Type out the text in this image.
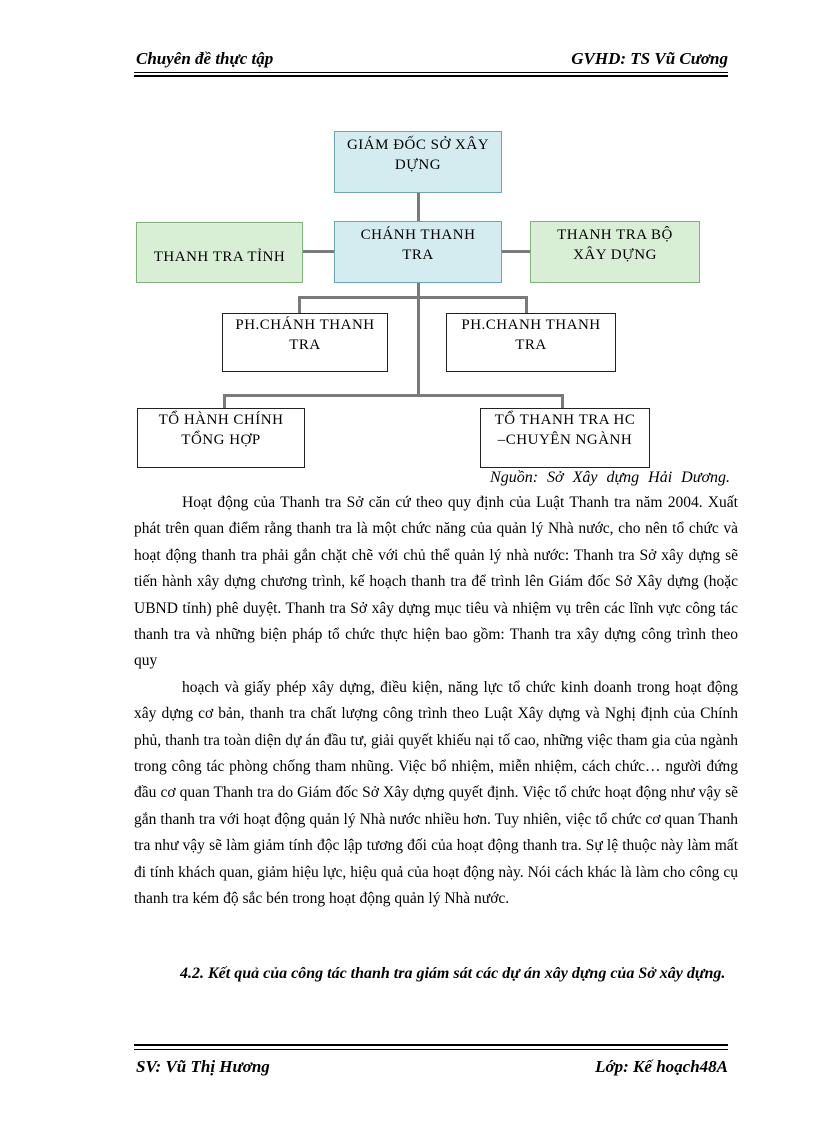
Chuyên đề thực tập	GVHD: TS Vũ Cương
GIÁM ĐỐC SỞ XÂY DỰNG
THANH TRA TỈNH
CHÁNH THANH TRA
THANH TRA BỘ XÂY DỰNG
PH.CHÁNH THANH TRA
PH.CHANH THANH TRA
TỔ HÀNH CHÍNH TỔNG HỢP
TỔ THANH TRA HC –CHUYÊN NGÀNH
Nguồn: Sở Xây dựng Hải Dương.

Hoạt động của Thanh tra Sở căn cứ theo quy định của Luật Thanh tra năm 2004. Xuất phát trên quan điểm rằng thanh tra là một chức năng của quản lý Nhà nước, cho nên tổ chức và hoạt động thanh tra phải gắn chặt chẽ với chủ thể quản lý nhà nước: Thanh tra Sở xây dựng sẽ tiến hành xây dựng chương trình, kế hoạch thanh tra để trình lên Giám đốc Sở Xây dựng (hoặc UBND tỉnh) phê duyệt. Thanh tra Sở xây dựng mục tiêu và nhiệm vụ trên các lĩnh vực công tác thanh tra và những biện pháp tổ chức thực hiện bao gồm: Thanh tra xây dựng công trình theo quy

hoạch và giấy phép xây dựng, điều kiện, năng lực tổ chức kinh doanh trong hoạt động xây dựng cơ bản, thanh tra chất lượng công trình theo Luật Xây dựng và Nghị định của Chính phủ, thanh tra toàn diện dự án đầu tư, giải quyết khiếu nại tố cao, những việc tham gia của ngành trong công tác phòng chống tham nhũng. Việc bổ nhiệm, miễn nhiệm, cách chức… người đứng đầu cơ quan Thanh tra do Giám đốc Sở Xây dựng quyết định. Việc tổ chức hoạt động như vậy sẽ gắn thanh tra với hoạt động quản lý Nhà nước nhiều hơn. Tuy nhiên, việc tổ chức cơ quan Thanh tra như vậy sẽ làm giảm tính độc lập tương đối của hoạt động thanh tra. Sự lệ thuộc này làm mất đi tính khách quan, giảm hiệu lực, hiệu quả của hoạt động này. Nói cách khác là làm cho công cụ thanh tra kém độ sắc bén trong hoạt động quản lý Nhà nước.

4.2. Kết quả của công tác thanh tra giám sát các dự án xây dựng của Sở xây dựng.
SV: Vũ Thị Hương	Lớp: Kế hoạch48A
